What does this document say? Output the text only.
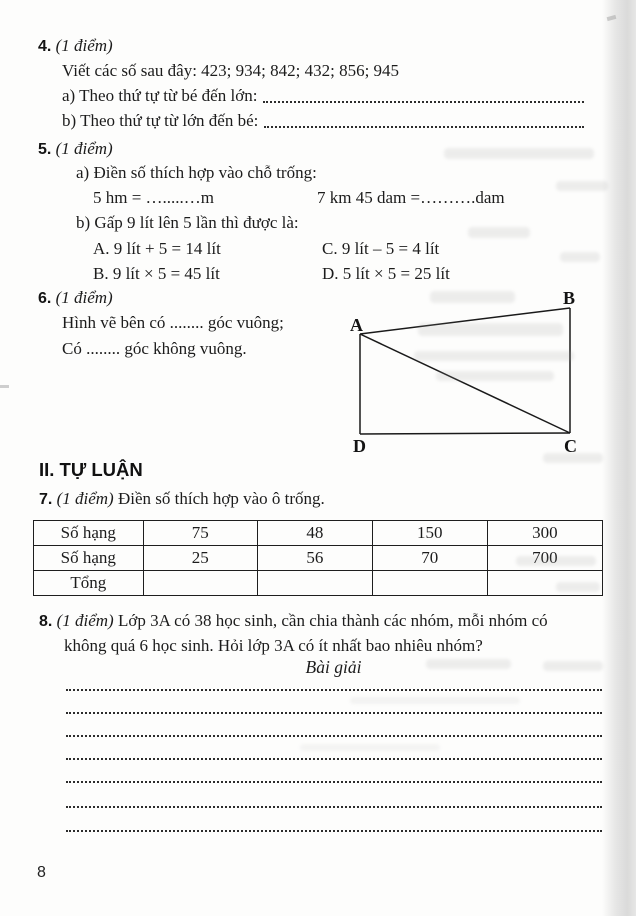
4. (1 điểm)
Viết các số sau đây: 423; 934; 842; 432; 856; 945
a) Theo thứ tự từ bé đến lớn:
b) Theo thứ tự từ lớn đến bé:
5. (1 điểm)
a) Điền số thích hợp vào chỗ trống:
5 hm = ….....…m	7 km 45 dam =……….dam
b) Gấp 9 lít lên 5 lần thì được là:
A. 9 lít + 5 = 14 lít	C. 9 lít – 5 = 4 lít
B. 9 lít × 5 = 45 lít	D. 5 lít × 5 = 25 lít
6. (1 điểm)
Hình vẽ bên có ........ góc vuông;
Có ........ góc không vuông.
A
B
C
D
II. TỰ LUẬN
7. (1 điểm) Điền số thích hợp vào ô trống.
Số hạng	75	48	150	300
Số hạng	25	56	70	700
Tổng				
8. (1 điểm) Lớp 3A có 38 học sinh, cần chia thành các nhóm, mỗi nhóm có
không quá 6 học sinh. Hỏi lớp 3A có ít nhất bao nhiêu nhóm?
Bài giải
8
